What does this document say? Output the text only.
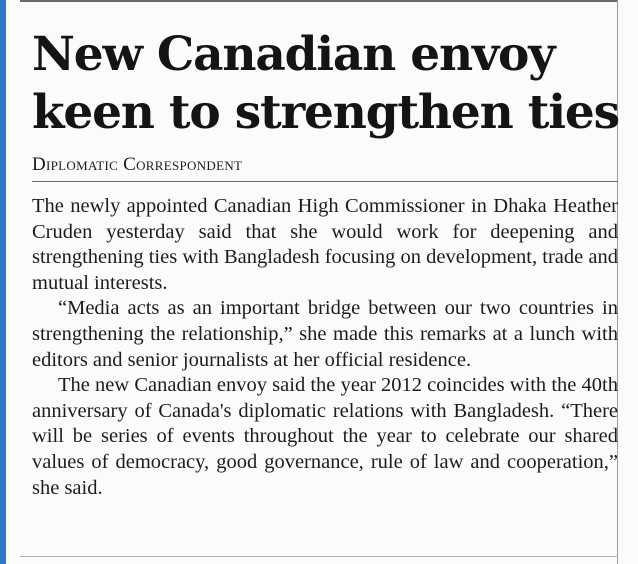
New Canadian envoy
keen to strengthen ties
Diplomatic Correspondent

The newly appointed Canadian High Commissioner in Dhaka Heather Cruden yesterday said that she would work for deepening and strengthening ties with Bangladesh focusing on development, trade and mutual interests.

“Media acts as an important bridge between our two countries in strengthening the relationship,” she made this remarks at a lunch with editors and senior journalists at her official residence.

The new Canadian envoy said the year 2012 coincides with the 40th anniversary of Canada's diplomatic relations with Bangladesh. “There will be series of events throughout the year to celebrate our shared values of democracy, good governance, rule of law and cooperation,” she said.
